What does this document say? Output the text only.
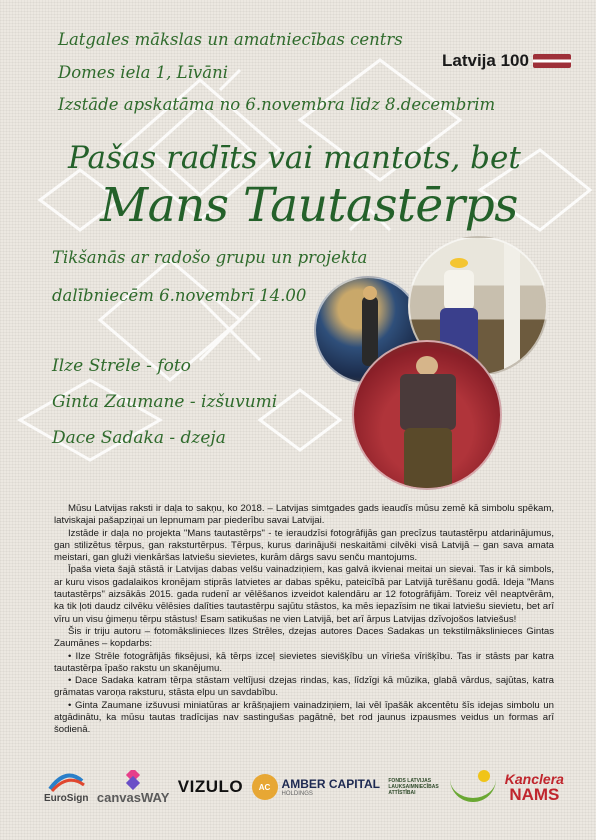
Latgales mākslas un amatniecības centrs
Domes iela 1, Līvāni
Izstāde apskatāma no 6.novembra līdz 8.decembrim
Latvija 100
Pašas radīts vai mantots, bet
Mans Tautastērps
Tikšanās ar radošo grupu un projekta
dalībniecēm 6.novembrī 14.00
Ilze Strēle - foto
Ginta Zaumane - izšuvumi
Dace Sadaka - dzeja

Mūsu Latvijas raksti ir daļa to sakņu, ko 2018. – Latvijas simtgades gads ieaudīs mūsu zemē kā simbolu spēkam, latviskajai pašapziņai un lepnumam par piederību savai Latvijai.

Izstāde ir daļa no projekta "Mans tautastērps" - te ieraudzīsi fotogrāfijās gan precīzus tautastērpu atdarinājumus, gan stilizētus tērpus, gan raksturtērpus. Tērpus, kurus darinājuši neskaitāmi cilvēki visā Latvijā – gan sava amata meistari, gan gluži vienkāršas latviešu sievietes, kurām dārgs savu senču mantojums.

Īpaša vieta šajā stāstā ir Latvijas dabas velšu vainadziņiem, kas galvā ikvienai meitai un sievai. Tas ir kā simbols, ar kuru visos gadalaikos kronējam stiprās latvietes ar dabas spēku, pateicībā par Latvijā turēšanu godā. Ideja "Mans tautastērps" aizsākās 2015. gada rudenī ar vēlēšanos izveidot kalendāru ar 12 fotogrāfijām. Toreiz vēl neaptvērām, ka tik ļoti daudz cilvēku vēlēsies dalīties tautastērpu sajūtu stāstos, ka mēs iepazīsim ne tikai latviešu sievietu, bet arī vīru un visu ģimeņu tērpu stāstus! Esam satikušas ne vien Latvijā, bet arī ārpus Latvijas dzīvojošos latviešus!

Šis ir triju autoru – fotomākslinieces Ilzes Strēles, dzejas autores Daces Sadakas un tekstilmākslinieces Gintas Zaumānes – kopdarbs:

• Ilze Strēle fotogrāfijās fiksējusi, kā tērps izceļ sievietes sievišķību un vīrieša vīrišķību. Tas ir stāsts par katra tautastērpa īpašo rakstu un skanējumu.

• Dace Sadaka katram tērpa stāstam veltījusi dzejas rindas, kas, līdzīgi kā mūzika, glabā vārdus, sajūtas, katra grāmatas varoņa raksturu, stāsta elpu un savdabību.

• Ginta Zaumane izšuvusi miniatūras ar krāšņajiem vainadziņiem, lai vēl īpašāk akcentētu šīs idejas simbolu un atgādinātu, ka mūsu tautas tradīcijas nav sastingušas pagātnē, bet rod jaunus izpausmes veidus un formas arī šodienā.

EuroSign canvasWAY
VIZULO	AC AMBER CAPITAL
HOLDINGS
FONDS LATVIJAS LAUKSAIMNIECĪBAS ATTĪSTĪBAI
Kanclera
NAMS
